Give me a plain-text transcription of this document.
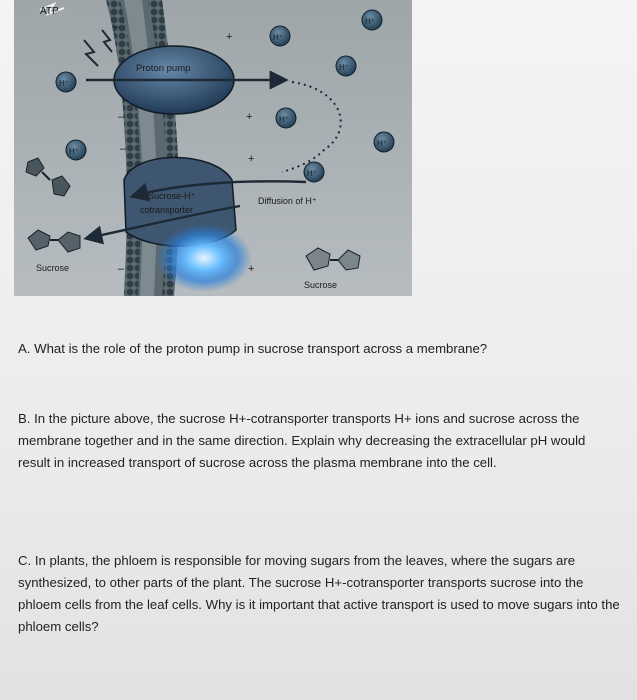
ATP
Proton pump
Sucrose-H⁺
cotransporter
Diffusion of H⁺
+
+
+
+
–
–
–
–
H⁺
H⁺
H⁺
H⁺
H⁺
H⁺
H⁺
H⁺
Sucrose
Sucrose

A. What is the role of the proton pump in sucrose transport across a membrane?

B. In the picture above, the sucrose H+-cotransporter transports H+ ions and sucrose across the membrane together and in the same direction. Explain why decreasing the extracellular pH would result in increased transport of sucrose across the plasma membrane into the cell.

C. In plants, the phloem is responsible for moving sugars from the leaves, where the sugars are synthesized, to other parts of the plant. The sucrose H+-cotransporter transports sucrose into the phloem cells from the leaf cells. Why is it important that active transport is used to move sugars into the phloem cells?
